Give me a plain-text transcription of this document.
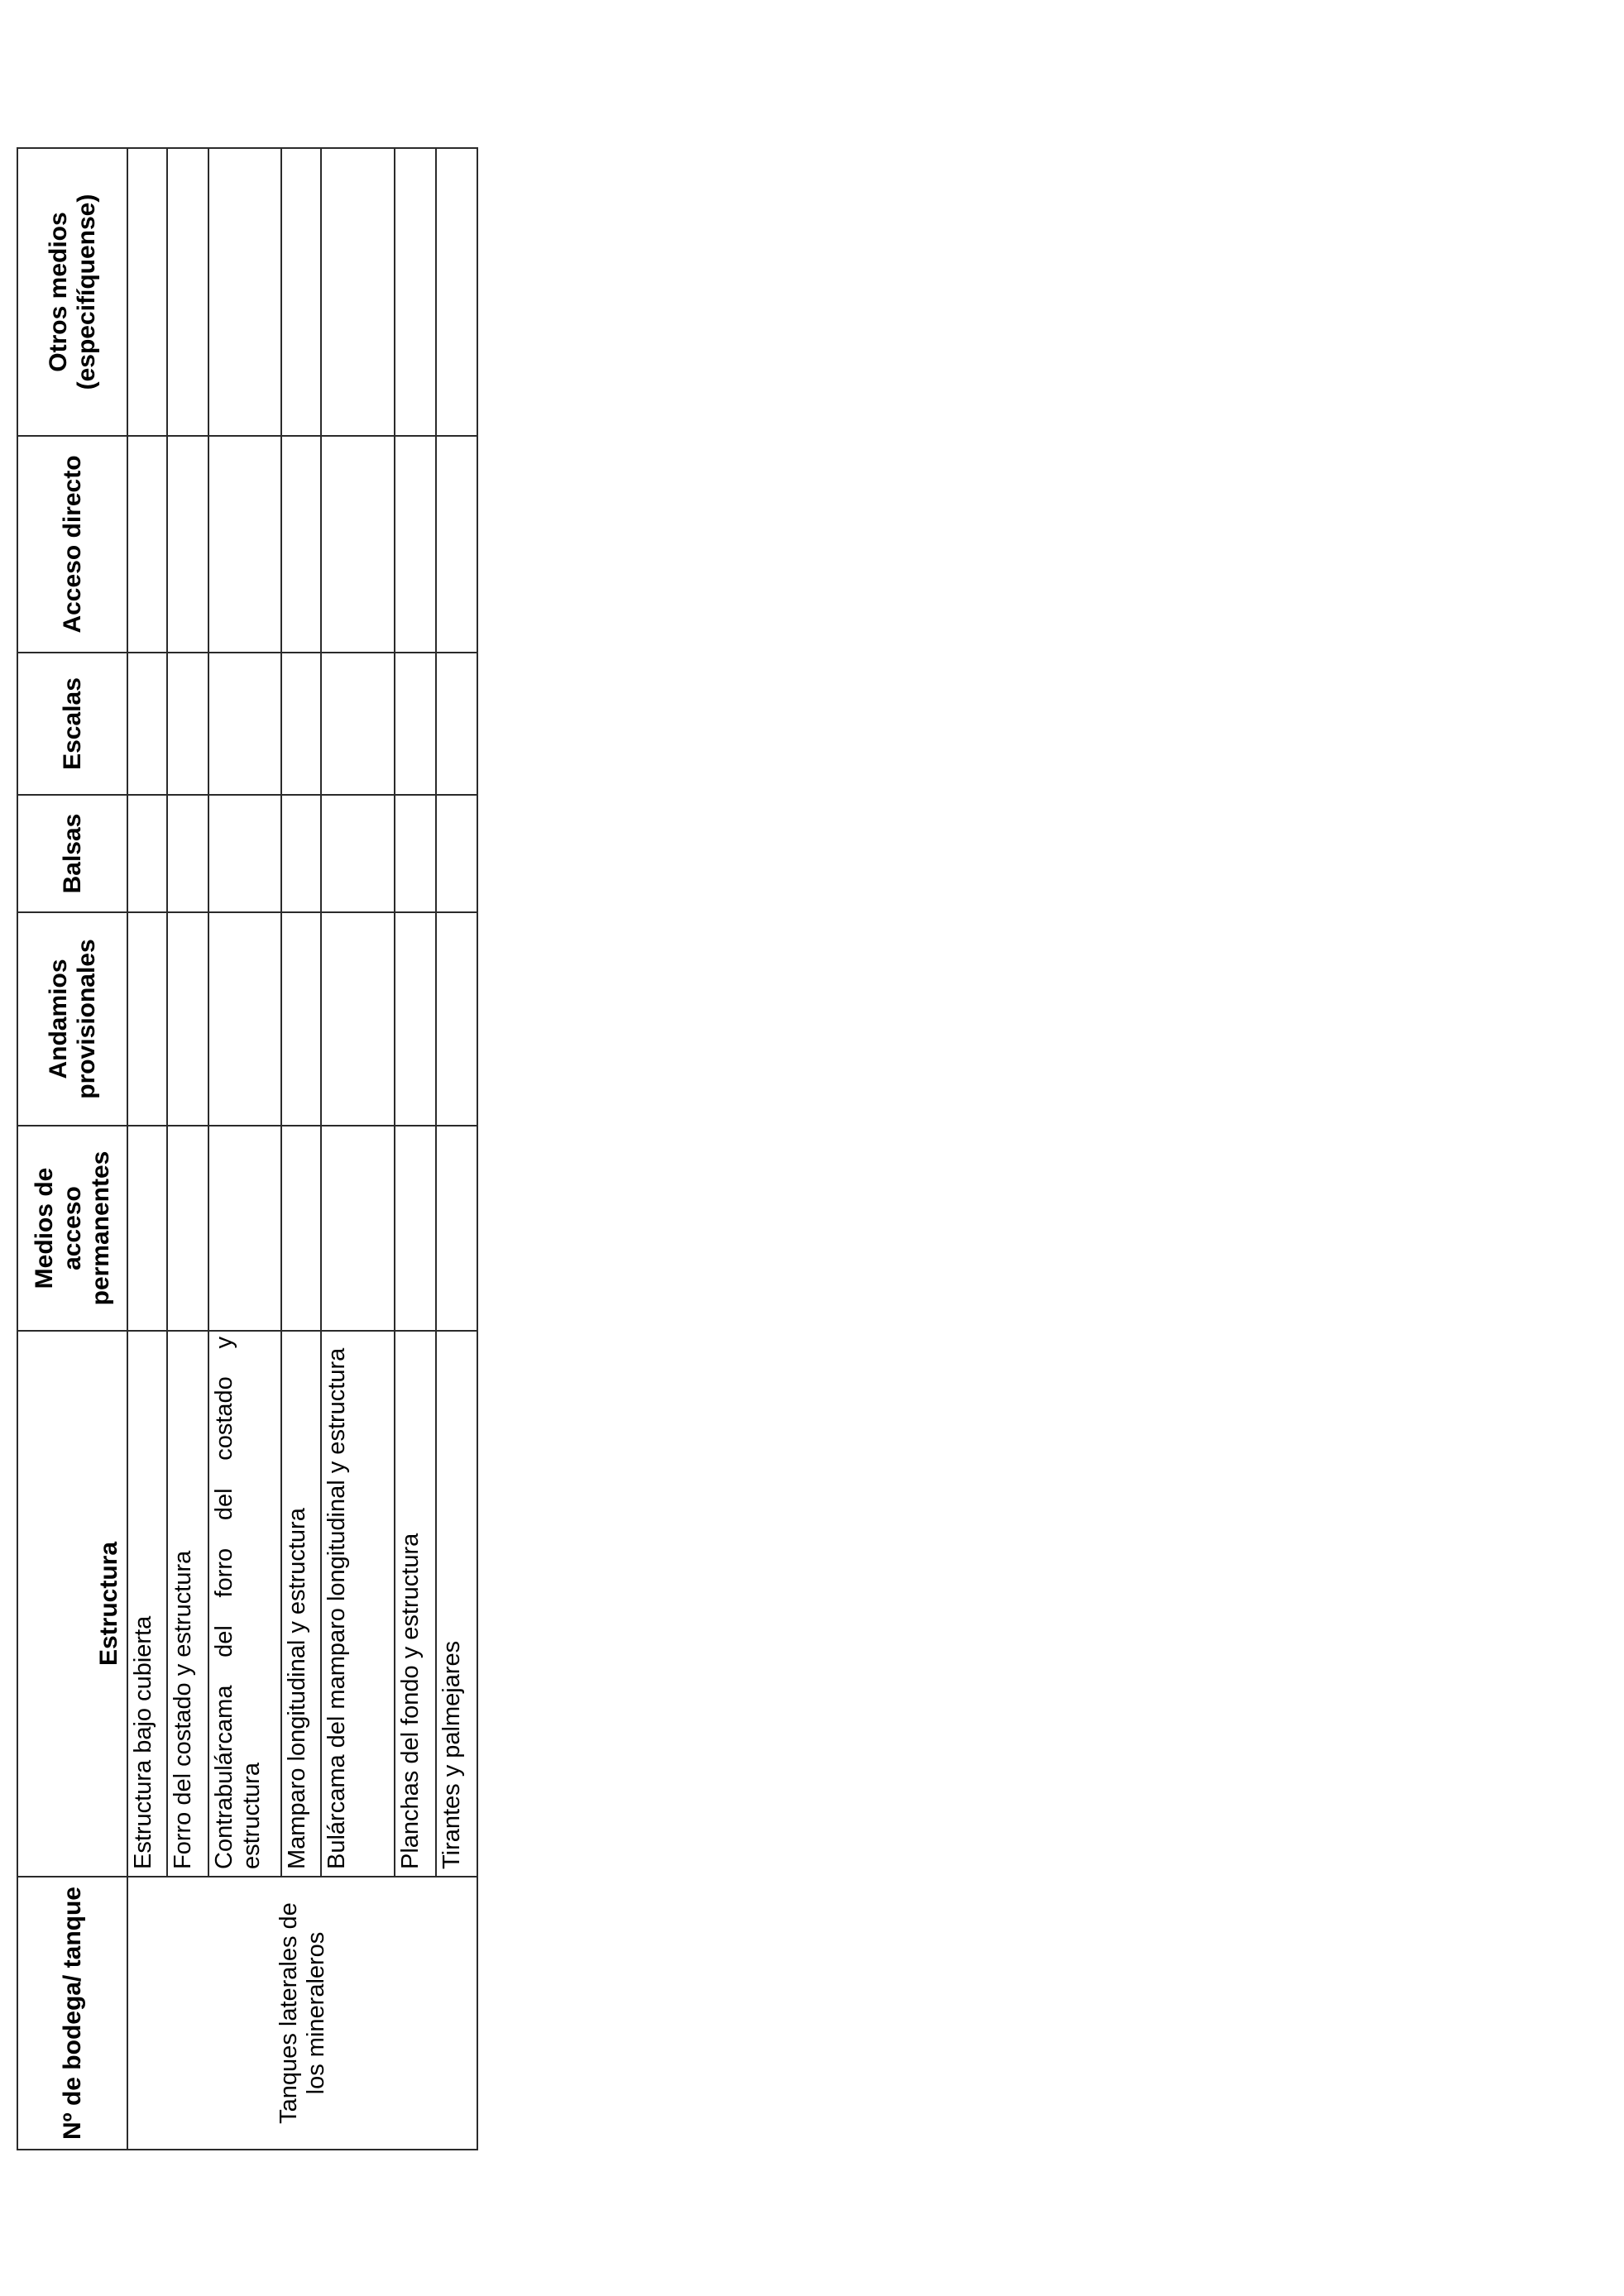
Nº de bodega/ tanque	Estructura	Medios de acceso permanentes	Andamios provisionales	Balsas	Escalas	Acceso directo	Otros medios (especifíquense)
Tanques laterales de los mineraleros	Estructura bajo cubierta						
	Forro del costado y estructura						
	Contrabulárcama del forro del costado y estructura						
	Mamparo longitudinal y estructura						
	Bulárcama del mamparo longitudinal y estructura						
	Planchas del fondo y estructura						
	Tirantes y palmejares						
